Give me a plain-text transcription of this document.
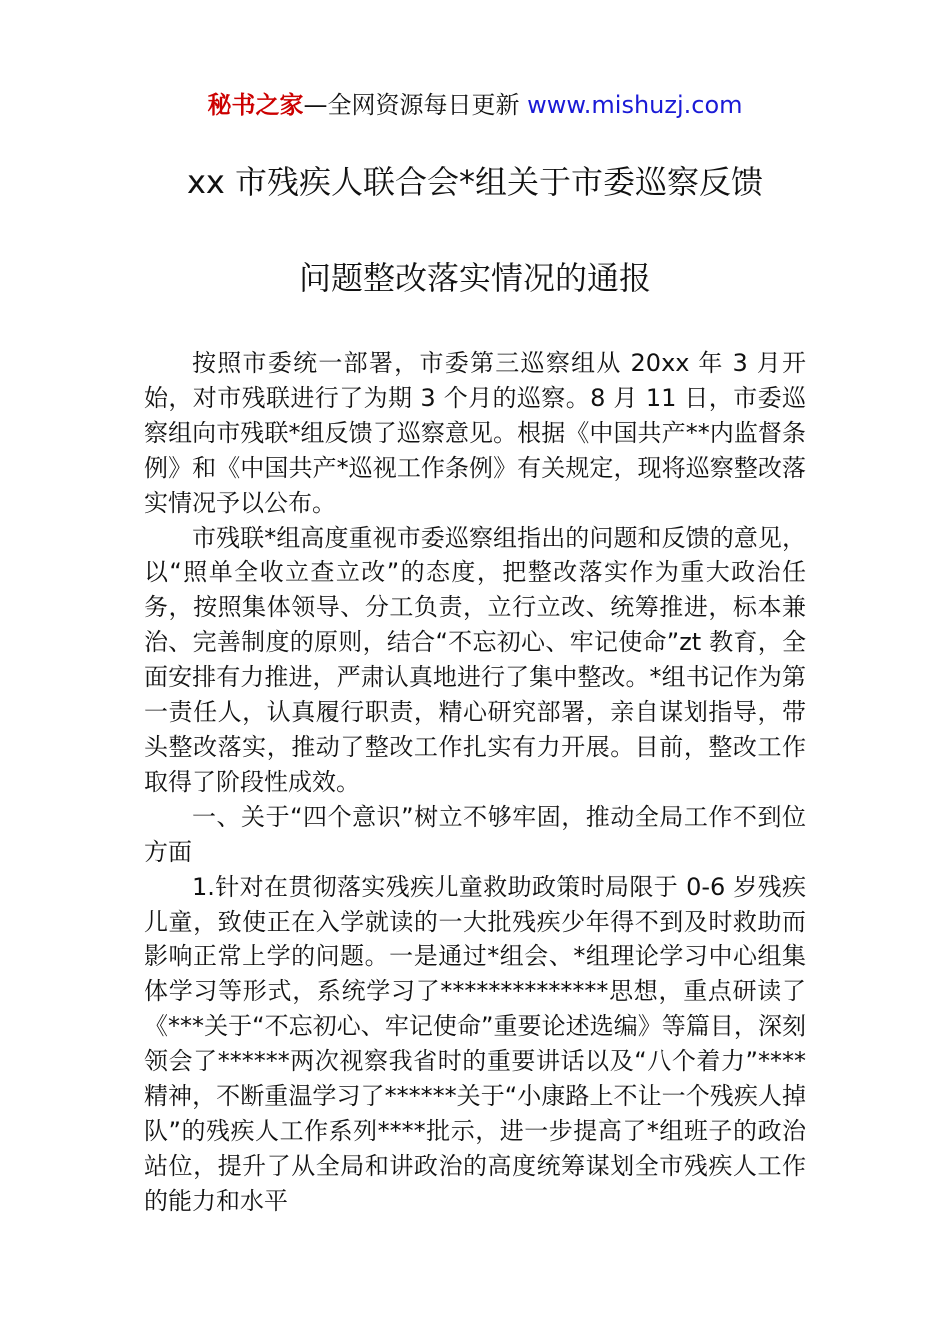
秘书之家—全网资源每日更新 www.mishuzj.com
xx 市残疾人联合会*组关于市委巡察反馈
问题整改落实情况的通报

按照市委统一部署，市委第三巡察组从 20xx 年 3 月开始，对市残联进行了为期 3 个月的巡察。8 月 11 日，市委巡察组向市残联*组反馈了巡察意见。根据《中国共产**内监督条例》和《中国共产*巡视工作条例》有关规定，现将巡察整改落实情况予以公布。

市残联*组高度重视市委巡察组指出的问题和反馈的意见，以“照单全收立查立改”的态度，把整改落实作为重大政治任务，按照集体领导、分工负责，立行立改、统筹推进，标本兼治、完善制度的原则，结合“不忘初心、牢记使命”zt 教育，全面安排有力推进，严肃认真地进行了集中整改。*组书记作为第一责任人，认真履行职责，精心研究部署，亲自谋划指导，带头整改落实，推动了整改工作扎实有力开展。目前，整改工作取得了阶段性成效。

一、关于“四个意识”树立不够牢固，推动全局工作不到位方面

1.针对在贯彻落实残疾儿童救助政策时局限于 0-6 岁残疾儿童，致使正在入学就读的一大批残疾少年得不到及时救助而影响正常上学的问题。一是通过*组会、*组理论学习中心组集体学习等形式，系统学习了**************思想，重点研读了《***关于“不忘初心、牢记使命”重要论述选编》等篇目，深刻领会了******两次视察我省时的重要讲话以及“八个着力”****精神，不断重温学习了******关于“小康路上不让一个残疾人掉队”的残疾人工作系列****批示，进一步提高了*组班子的政治站位，提升了从全局和讲政治的高度统筹谋划全市残疾人工作的能力和水平
